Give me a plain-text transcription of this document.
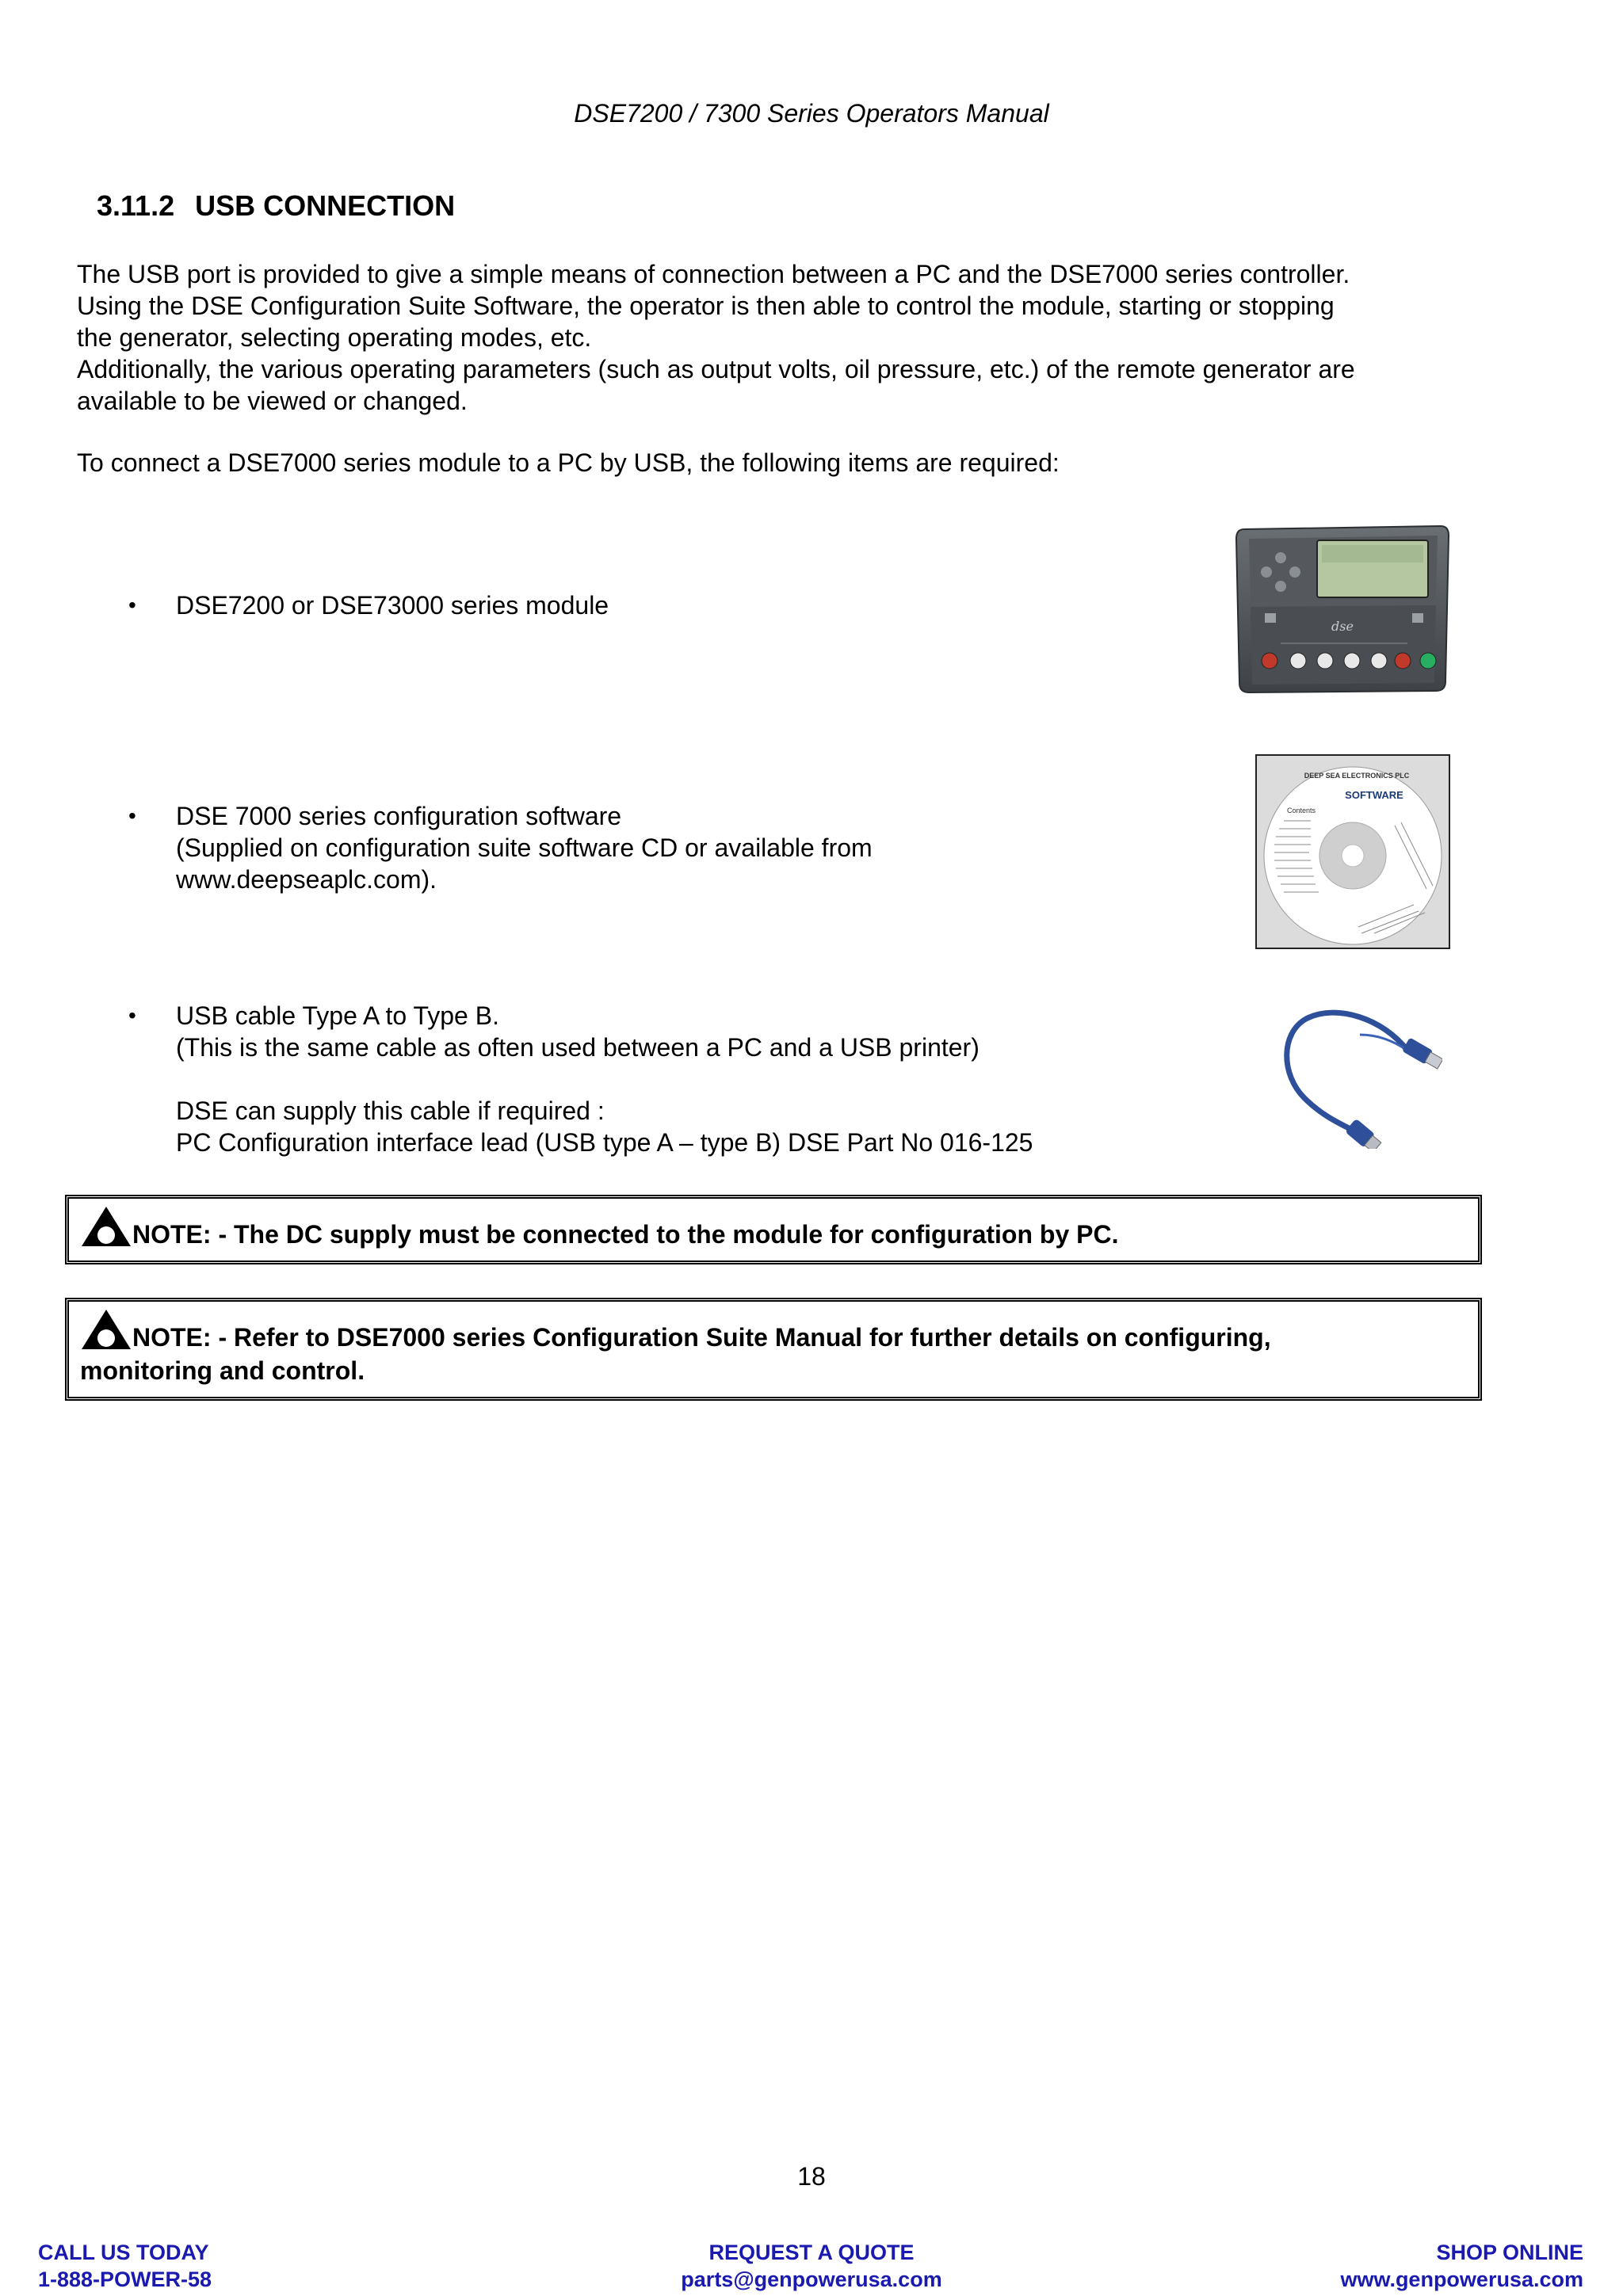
DSE7200 / 7300 Series Operators Manual
3.11.2 USB CONNECTION
The USB port is provided to give a simple means of connection between a PC and the DSE7000 series controller.
Using the DSE Configuration Suite Software, the operator is then able to control the module, starting or stopping
the generator, selecting operating modes, etc.
Additionally, the various operating parameters (such as output volts, oil pressure, etc.) of the remote generator are
available to be viewed or changed.
To connect a DSE7000 series module to a PC by USB, the following items are required:
• DSE7200 or DSE73000 series module
dse
• DSE 7000 series configuration software
(Supplied on configuration suite software CD or available from
www.deepseaplc.com).
DEEP SEA ELECTRONICS PLC
SOFTWARE
Contents
• USB cable Type A to Type B.
(This is the same cable as often used between a PC and a USB printer)
DSE can supply this cable if required :
PC Configuration interface lead (USB type A – type B) DSE Part No 016-125
NOTE: - The DC supply must be connected to the module for configuration by PC.
NOTE: - Refer to DSE7000 series Configuration Suite Manual for further details on configuring,
monitoring and control.
18
CALL US TODAY
1-888-POWER-58
REQUEST A QUOTE
parts@genpowerusa.com
SHOP ONLINE
www.genpowerusa.com
